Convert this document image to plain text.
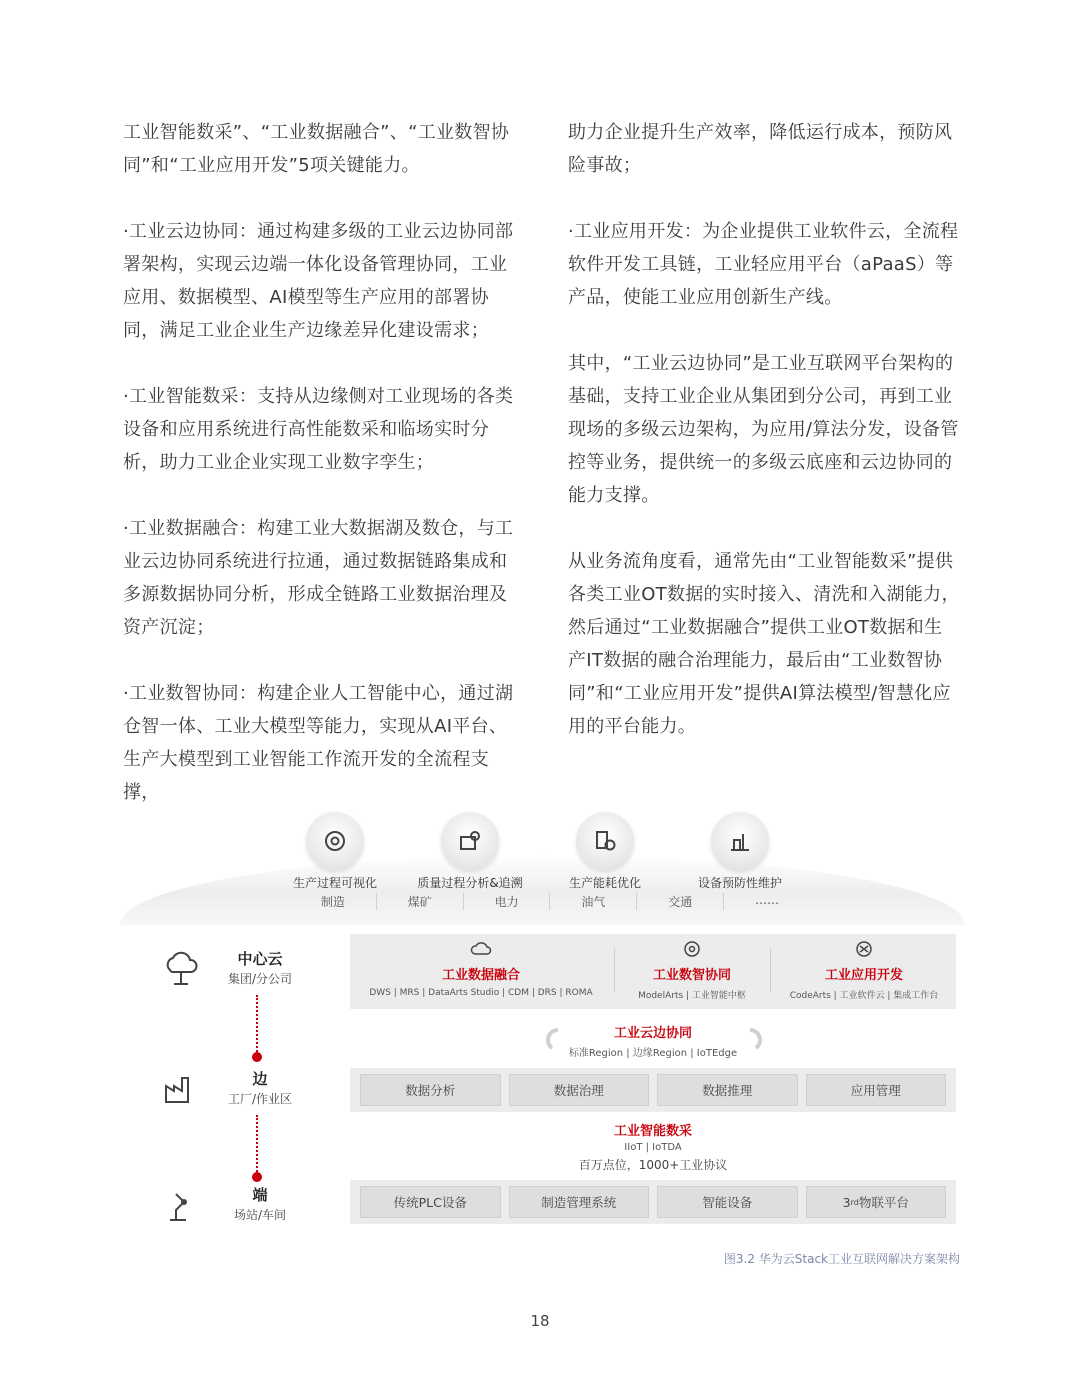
工业智能数采”、“工业数据融合”、“工业数智协同”和“工业应用开发”5项关键能力。

·工业云边协同：通过构建多级的工业云边协同部署架构，实现云边端一体化设备管理协同，工业应用、数据模型、AI模型等生产应用的部署协同，满足工业企业生产边缘差异化建设需求；

·工业智能数采：支持从边缘侧对工业现场的各类设备和应用系统进行高性能数采和临场实时分析，助力工业企业实现工业数字孪生；

·工业数据融合：构建工业大数据湖及数仓，与工业云边协同系统进行拉通，通过数据链路集成和多源数据协同分析，形成全链路工业数据治理及资产沉淀；

·工业数智协同：构建企业人工智能中心，通过湖仓智一体、工业大模型等能力，实现从AI平台、生产大模型到工业智能工作流开发的全流程支撑，

助力企业提升生产效率，降低运行成本，预防风险事故；

·工业应用开发：为企业提供工业软件云，全流程软件开发工具链，工业轻应用平台（aPaaS）等产品，使能工业应用创新生产线。

其中，“工业云边协同”是工业互联网平台架构的基础，支持工业企业从集团到分公司，再到工业现场的多级云边架构，为应用/算法分发，设备管控等业务，提供统一的多级云底座和云边协同的能力支撑。

从业务流角度看，通常先由“工业智能数采”提供各类工业OT数据的实时接入、清洗和入湖能力，然后通过“工业数据融合”提供工业OT数据和生产IT数据的融合治理能力，最后由“工业数智协同”和“工业应用开发”提供AI算法模型/智慧化应用的平台能力。

生产过程可视化	质量过程分析&追溯	生产能耗优化	设备预防性维护
制造	煤矿	电力	油气	交通	……
中心云
集团/分公司
边
工厂/作业区
端
场站/车间
工业数据融合
DWS | MRS | DataArts Studio | CDM | DRS | ROMA
工业数智协同
ModelArts | 工业智能中枢
工业应用开发
CodeArts | 工业软件云 | 集成工作台
工业云边协同
标准Region | 边缘Region | IoTEdge
数据分析	数据治理	数据推理	应用管理
工业智能数采
IIoT | IoTDA
百万点位，1000+工业协议
传统PLC设备	制造管理系统	智能设备	3 rd 物联平台
图3.2 华为云Stack工业互联网解决方案架构
18
